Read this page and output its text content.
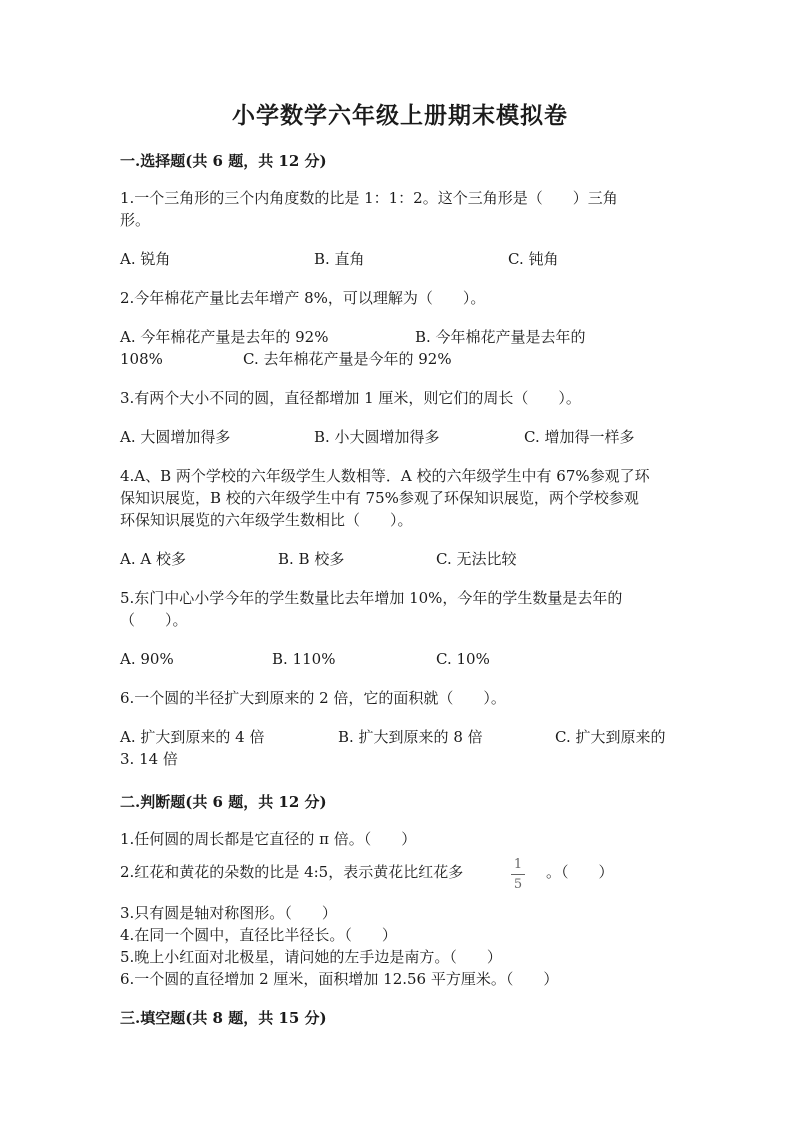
小学数学六年级上册期末模拟卷
一.选择题(共 6 题，共 12 分)
1.一个三角形的三个内角度数的比是 1：1：2。这个三角形是（　　）三角
形。
A. 锐角	B. 直角	C. 钝角
2.今年棉花产量比去年增产 8%，可以理解为（　　）。
A. 今年棉花产量是去年的 92%	B. 今年棉花产量是去年的
108%	C. 去年棉花产量是今年的 92%
3.有两个大小不同的圆，直径都增加 1 厘米，则它们的周长（　　）。
A. 大圆增加得多	B. 小大圆增加得多	C. 增加得一样多
4.A、B 两个学校的六年级学生人数相等．A 校的六年级学生中有 67%参观了环
保知识展览，B 校的六年级学生中有 75%参观了环保知识展览，两个学校参观
环保知识展览的六年级学生数相比（　　）。
A. A 校多	B. B 校多	C. 无法比较
5.东门中心小学今年的学生数量比去年增加 10%，今年的学生数量是去年的
（　　）。
A. 90%	B. 110%	C. 10%
6.一个圆的半径扩大到原来的 2 倍，它的面积就（　　）。
A. 扩大到原来的 4 倍	B. 扩大到原来的 8 倍	C. 扩大到原来的
3. 14 倍
二.判断题(共 6 题，共 12 分)
1.任何圆的周长都是它直径的 π 倍。（　　）
2.红花和黄花的朵数的比是 4:5，表示黄花比红花多	1
5
。（　　）
3.只有圆是轴对称图形。（　　）
4.在同一个圆中，直径比半径长。（　　）
5.晚上小红面对北极星，请问她的左手边是南方。（　　）
6.一个圆的直径增加 2 厘米，面积增加 12.56 平方厘米。（　　）
三.填空题(共 8 题，共 15 分)
